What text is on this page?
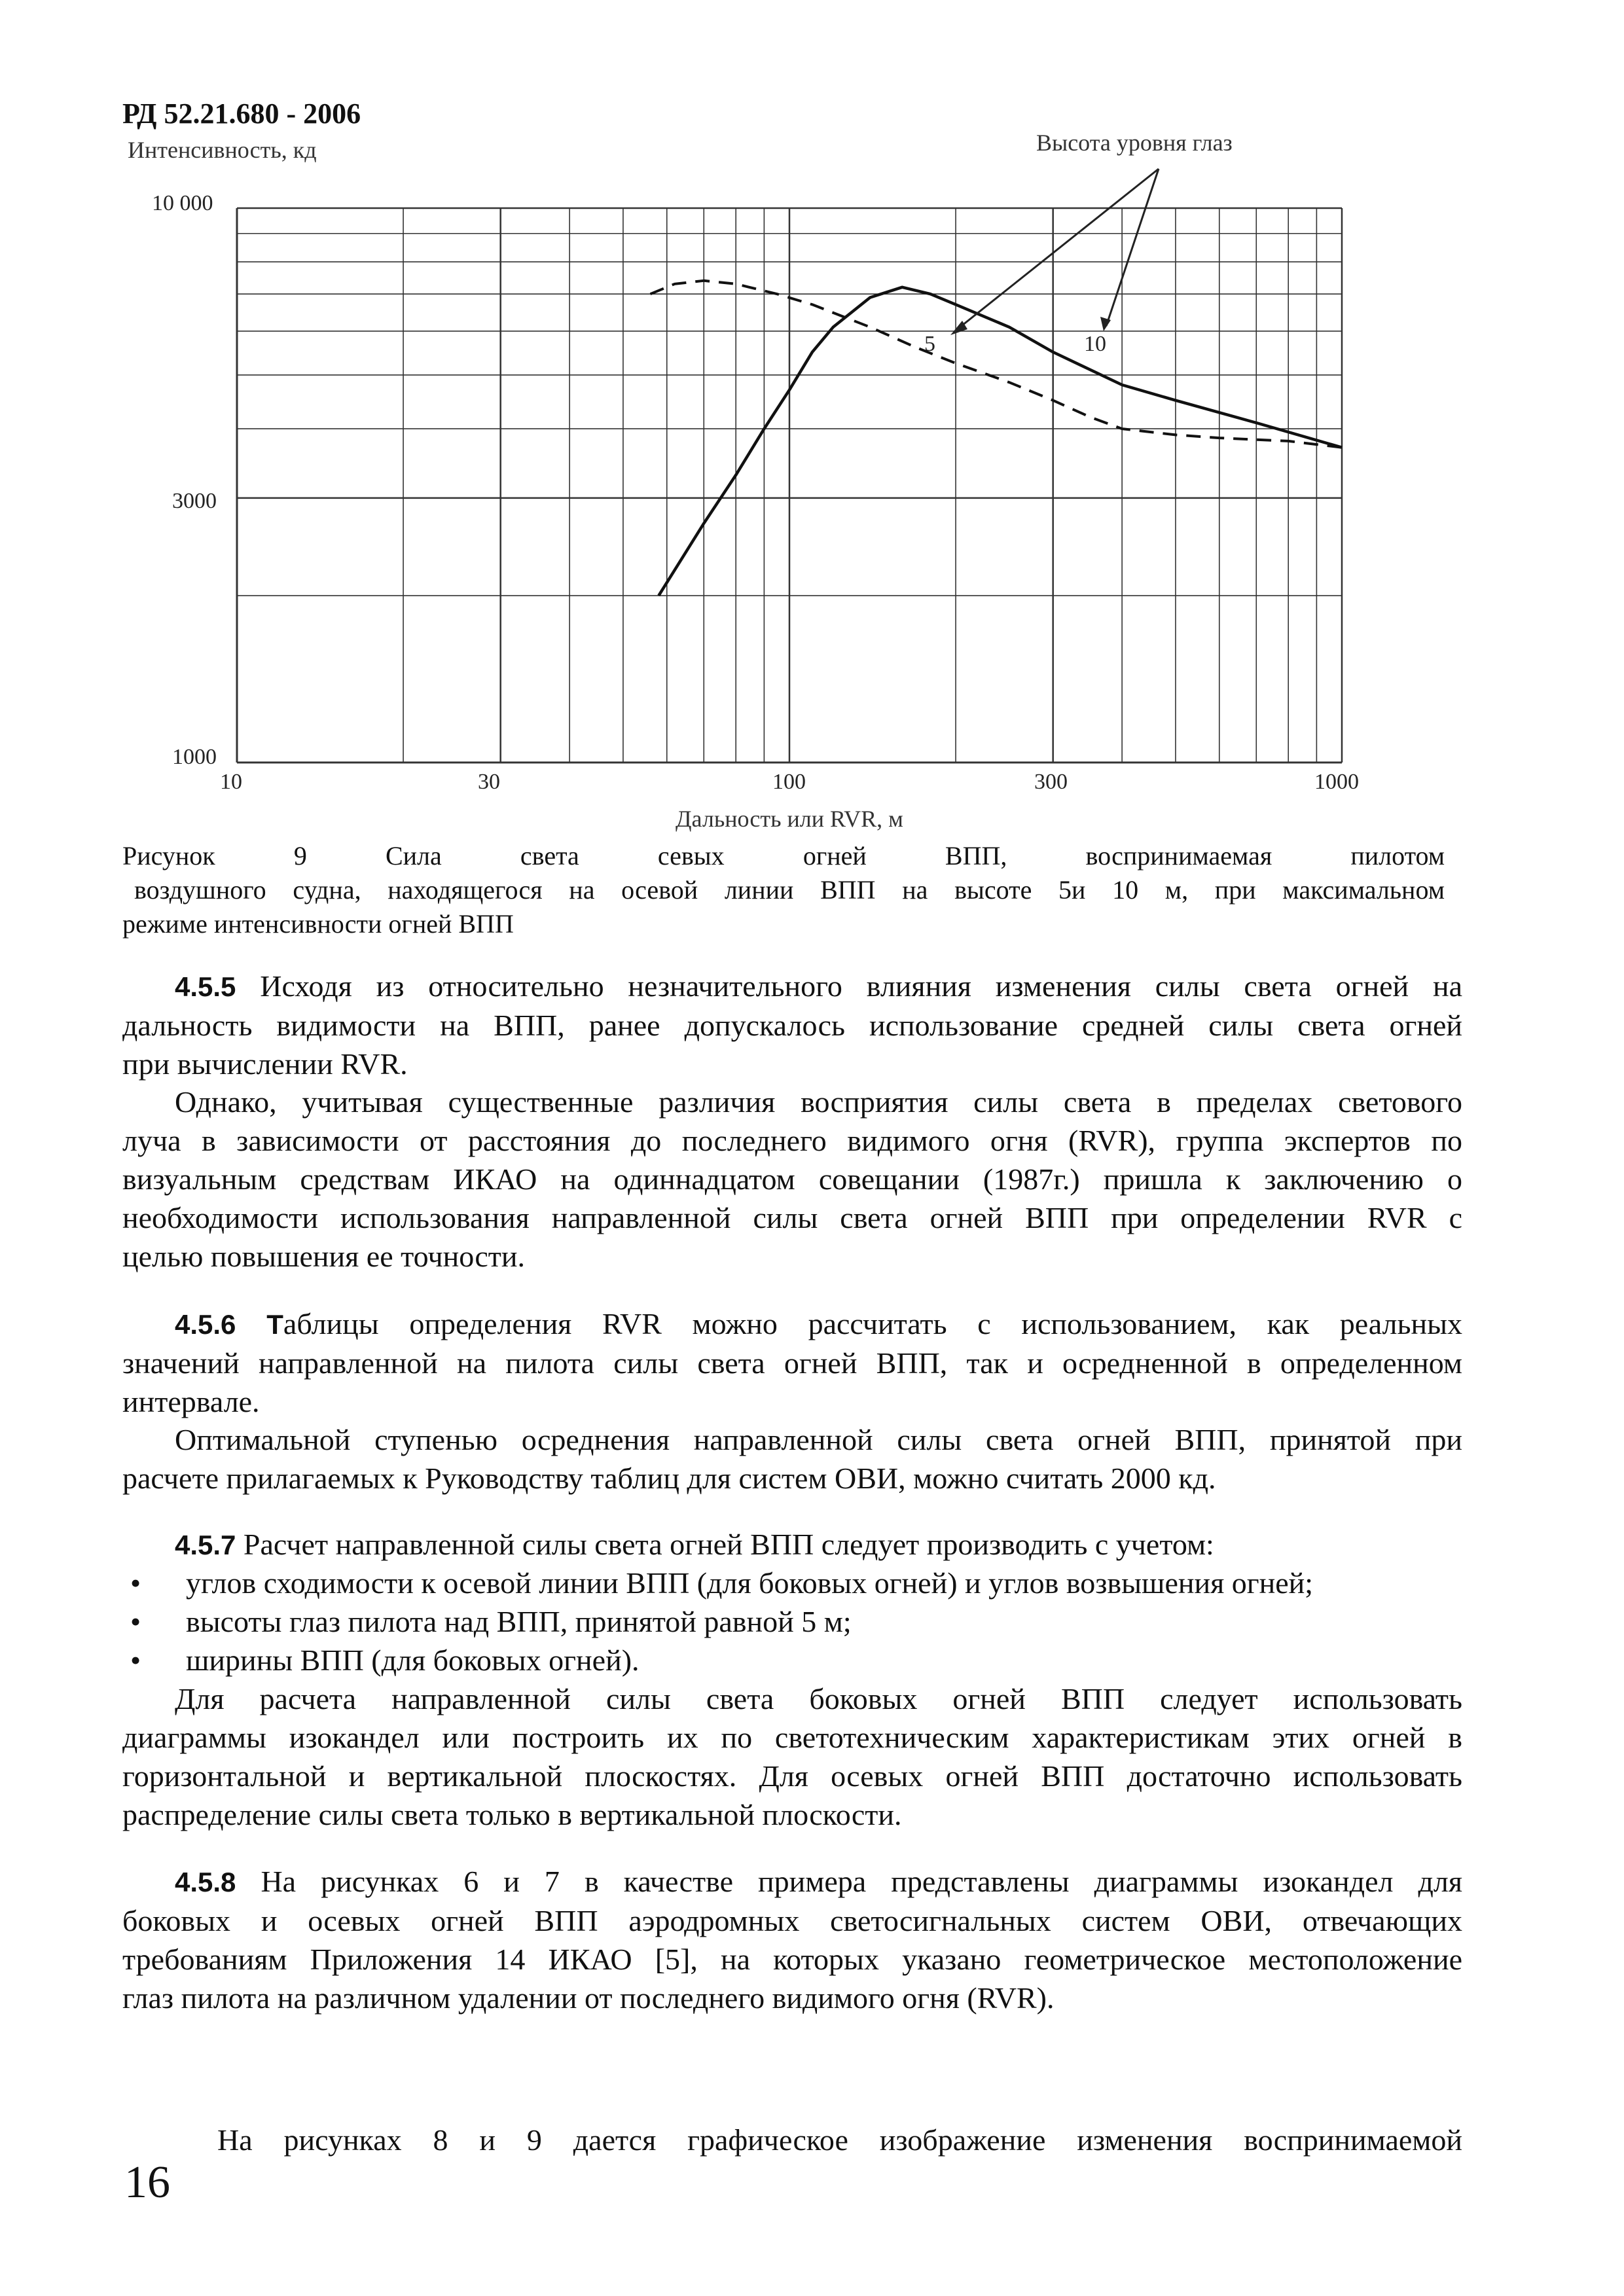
РД 52.21.680 - 2006
Интенсивность, кд	Высота уровня глаз
Дальность или RVR, м
10 000
3000
1000
10	30	100	300	1000
5	10
Рисунок	9	Сила	света	севых	огней	ВПП,	воспринимаемая	пилотом
воздушного судна, находящегося на осевой линии ВПП на высоте 5и 10 м, при максимальном
режиме интенсивности огней ВПП
4.5.5 Исходя из относительно незначительного влияния изменения силы света огней на
дальность видимости на ВПП, ранее допускалось использование средней силы света огней
при вычислении RVR.
Однако, учитывая существенные различия восприятия силы света в пределах светового
луча в зависимости от расстояния до последнего видимого огня (RVR), группа экспертов по
визуальным средствам ИКАО на одиннадцатом совещании (1987г.) пришла к заключению о
необходимости использования направленной силы света огней ВПП при определении RVR с
целью повышения ее точности.
4.5.6 Таблицы определения RVR можно рассчитать с использованием, как реальных
значений направленной на пилота силы света огней ВПП, так и осредненной в определенном
интервале.
Оптимальной ступенью осреднения направленной силы света огней ВПП, принятой при
расчете прилагаемых к Руководству таблиц для систем ОВИ, можно считать 2000 кд.
4.5.7 Расчет направленной силы света огней ВПП следует производить с учетом:
• углов сходимости к осевой линии ВПП (для боковых огней) и углов возвышения огней;
• высоты глаз пилота над ВПП, принятой равной 5 м;
• ширины ВПП (для боковых огней).
Для расчета направленной силы света боковых огней ВПП следует использовать
диаграммы изокандел или построить их по светотехническим характеристикам этих огней в
горизонтальной и вертикальной плоскостях. Для осевых огней ВПП достаточно использовать
распределение силы света только в вертикальной плоскости.
4.5.8 На рисунках 6 и 7 в качестве примера представлены диаграммы изокандел для
боковых и осевых огней ВПП аэродромных светосигнальных систем ОВИ, отвечающих
требованиям Приложения 14 ИКАО [5], на которых указано геометрическое местоположение
глаз пилота на различном удалении от последнего видимого огня (RVR).
На рисунках 8 и 9 дается графическое изображение изменения воспринимаемой
16
